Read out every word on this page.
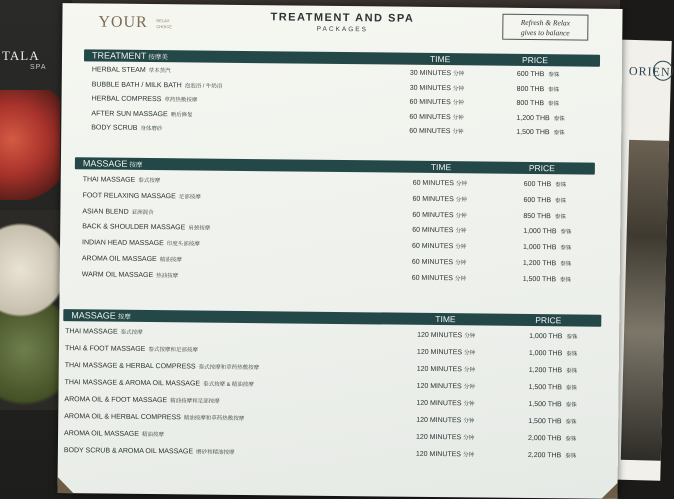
TALA
SPA	ORIEN
YOUR RELAX CHOICE
TREATMENT AND SPA
PACKAGES
Refresh & Relax
gives to balance
TREATMENT 按摩美	TIME	PRICE
HERBAL STEAM 草本蒸汽	30 MINUTES 分钟	600 THB 泰铢
BUBBLE BATH / MILK BATH 泡泡浴 / 牛奶浴	30 MINUTES 分钟	800 THB 泰铢
HERBAL COMPRESS 草药热敷按摩	60 MINUTES 分钟	800 THB 泰铢
AFTER SUN MASSAGE 晒后修复	60 MINUTES 分钟	1,200 THB 泰铢
BODY SCRUB 身体磨砂	60 MINUTES 分钟	1,500 THB 泰铢
MASSAGE 按摩	TIME	PRICE
THAI MASSAGE 泰式按摩	60 MINUTES 分钟	600 THB 泰铢
FOOT RELAXING MASSAGE 足部按摩	60 MINUTES 分钟	600 THB 泰铢
ASIAN BLEND 亚洲混合	60 MINUTES 分钟	850 THB 泰铢
BACK & SHOULDER MASSAGE 肩颈按摩	60 MINUTES 分钟	1,000 THB 泰铢
INDIAN HEAD MASSAGE 印度头部按摩	60 MINUTES 分钟	1,000 THB 泰铢
AROMA OIL MASSAGE 精油按摩	60 MINUTES 分钟	1,200 THB 泰铢
WARM OIL MASSAGE 热油按摩	60 MINUTES 分钟	1,500 THB 泰铢
MASSAGE 按摩	TIME	PRICE
THAI MASSAGE 泰式按摩	120 MINUTES 分钟	1,000 THB 泰铢
THAI & FOOT MASSAGE 泰式按摩和足部按摩	120 MINUTES 分钟	1,000 THB 泰铢
THAI MASSAGE & HERBAL COMPRESS 泰式按摩和草药热敷按摩	120 MINUTES 分钟	1,200 THB 泰铢
THAI MASSAGE & AROMA OIL MASSAGE 泰式按摩 & 精油按摩	120 MINUTES 分钟	1,500 THB 泰铢
AROMA OIL & FOOT MASSAGE 精油按摩和足部按摩	120 MINUTES 分钟	1,500 THB 泰铢
AROMA OIL & HERBAL COMPRESS 精油按摩和草药热敷按摩	120 MINUTES 分钟	1,500 THB 泰铢
AROMA OIL MASSAGE 精油按摩	120 MINUTES 分钟	2,000 THB 泰铢
BODY SCRUB & AROMA OIL MASSAGE 磨砂和精油按摩	120 MINUTES 分钟	2,200 THB 泰铢
